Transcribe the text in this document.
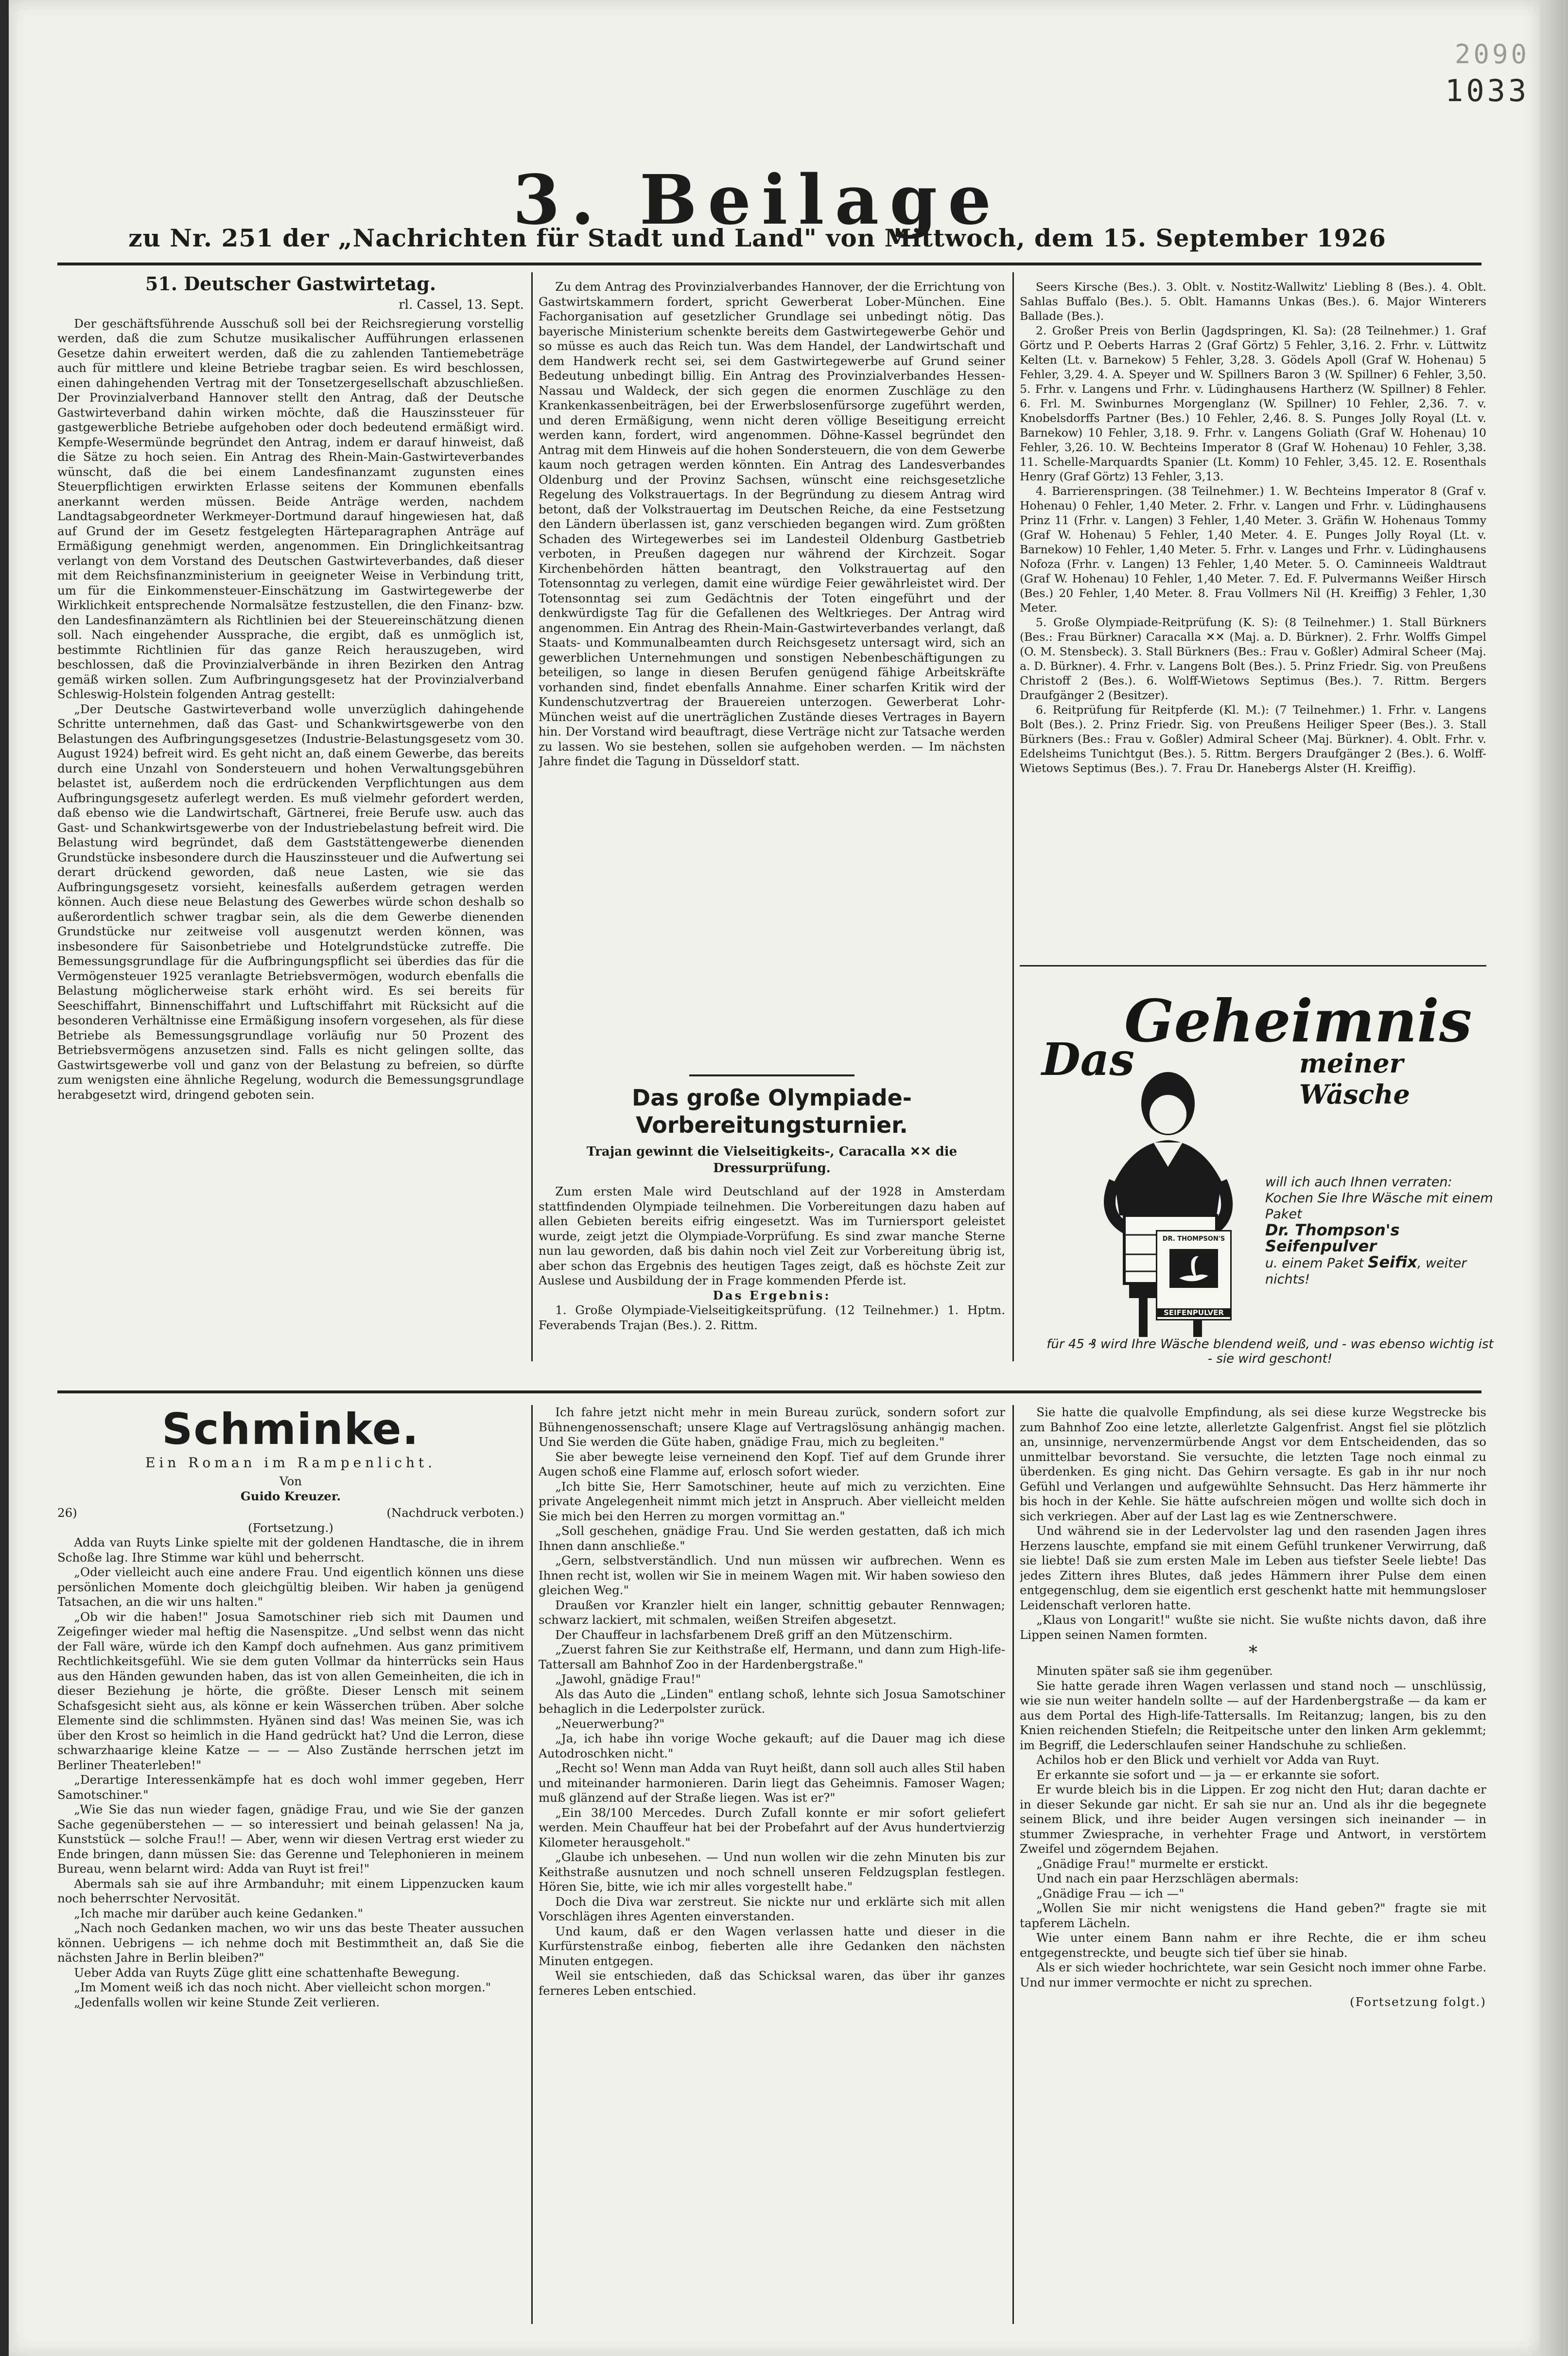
2090
1033
3. Beilage
zu Nr. 251 der „Nachrichten für Stadt und Land" von Mittwoch, dem 15. September 1926
51. Deutscher Gastwirtetag.
rl. Cassel, 13. Sept.

Der geschäftsführende Ausschuß soll bei der Reichsregierung vorstellig werden, daß die zum Schutze musikalischer Aufführungen erlassenen Gesetze dahin erweitert werden, daß die zu zahlenden Tantiemebeträge auch für mittlere und kleine Betriebe tragbar seien. Es wird beschlossen, einen dahingehenden Vertrag mit der Tonsetzergesellschaft abzuschließen. Der Provinzialverband Hannover stellt den Antrag, daß der Deutsche Gastwirteverband dahin wirken möchte, daß die Hauszinssteuer für gastgewerbliche Betriebe aufgehoben oder doch bedeutend ermäßigt wird. Kempfe-Wesermünde begründet den Antrag, indem er darauf hinweist, daß die Sätze zu hoch seien. Ein Antrag des Rhein-Main-Gastwirteverbandes wünscht, daß die bei einem Landesfinanzamt zugunsten eines Steuerpflichtigen erwirkten Erlasse seitens der Kommunen ebenfalls anerkannt werden müssen. Beide Anträge werden, nachdem Landtagsabgeordneter Werkmeyer-Dortmund darauf hingewiesen hat, daß auf Grund der im Gesetz festgelegten Härteparagraphen Anträge auf Ermäßigung genehmigt werden, angenommen. Ein Dringlichkeitsantrag verlangt von dem Vorstand des Deutschen Gastwirteverbandes, daß dieser mit dem Reichsfinanzministerium in geeigneter Weise in Verbindung tritt, um für die Einkommensteuer-Einschätzung im Gastwirtegewerbe der Wirklichkeit entsprechende Normalsätze festzustellen, die den Finanz- bzw. den Landesfinanzämtern als Richtlinien bei der Steuereinschätzung dienen soll. Nach eingehender Aussprache, die ergibt, daß es unmöglich ist, bestimmte Richtlinien für das ganze Reich herauszugeben, wird beschlossen, daß die Provinzialverbände in ihren Bezirken den Antrag gemäß wirken sollen. Zum Aufbringungsgesetz hat der Provinzialverband Schleswig-Holstein folgenden Antrag gestellt:

„Der Deutsche Gastwirteverband wolle unverzüglich dahingehende Schritte unternehmen, daß das Gast- und Schankwirtsgewerbe von den Belastungen des Aufbringungsgesetzes (Industrie-Belastungsgesetz vom 30. August 1924) befreit wird. Es geht nicht an, daß einem Gewerbe, das bereits durch eine Unzahl von Sondersteuern und hohen Verwaltungsgebühren belastet ist, außerdem noch die erdrückenden Verpflichtungen aus dem Aufbringungsgesetz auferlegt werden. Es muß vielmehr gefordert werden, daß ebenso wie die Landwirtschaft, Gärtnerei, freie Berufe usw. auch das Gast- und Schankwirtsgewerbe von der Industriebelastung befreit wird. Die Belastung wird begründet, daß dem Gaststättengewerbe dienenden Grundstücke insbesondere durch die Hauszinssteuer und die Aufwertung sei derart drückend geworden, daß neue Lasten, wie sie das Aufbringungsgesetz vorsieht, keinesfalls außerdem getragen werden können. Auch diese neue Belastung des Gewerbes würde schon deshalb so außerordentlich schwer tragbar sein, als die dem Gewerbe dienenden Grundstücke nur zeitweise voll ausgenutzt werden können, was insbesondere für Saisonbetriebe und Hotelgrundstücke zutreffe. Die Bemessungsgrundlage für die Aufbringungspflicht sei überdies das für die Vermögensteuer 1925 veranlagte Betriebsvermögen, wodurch ebenfalls die Belastung möglicherweise stark erhöht wird. Es sei bereits für Seeschiffahrt, Binnenschiffahrt und Luftschiffahrt mit Rücksicht auf die besonderen Verhältnisse eine Ermäßigung insofern vorgesehen, als für diese Betriebe als Bemessungsgrundlage vorläufig nur 50 Prozent des Betriebsvermögens anzusetzen sind. Falls es nicht gelingen sollte, das Gastwirtsgewerbe voll und ganz von der Belastung zu befreien, so dürfte zum wenigsten eine ähnliche Regelung, wodurch die Bemessungsgrundlage herabgesetzt wird, dringend geboten sein.

Zu dem Antrag des Provinzialverbandes Hannover, der die Errichtung von Gastwirtskammern fordert, spricht Gewerberat Lober-München. Eine Fachorganisation auf gesetzlicher Grundlage sei unbedingt nötig. Das bayerische Ministerium schenkte bereits dem Gastwirtegewerbe Gehör und so müsse es auch das Reich tun. Was dem Handel, der Landwirtschaft und dem Handwerk recht sei, sei dem Gastwirtegewerbe auf Grund seiner Bedeutung unbedingt billig. Ein Antrag des Provinzialverbandes Hessen-Nassau und Waldeck, der sich gegen die enormen Zuschläge zu den Krankenkassenbeiträgen, bei der Erwerbslosenfürsorge zugeführt werden, und deren Ermäßigung, wenn nicht deren völlige Beseitigung erreicht werden kann, fordert, wird angenommen. Döhne-Kassel begründet den Antrag mit dem Hinweis auf die hohen Sondersteuern, die von dem Gewerbe kaum noch getragen werden könnten. Ein Antrag des Landesverbandes Oldenburg und der Provinz Sachsen, wünscht eine reichsgesetzliche Regelung des Volkstrauertags. In der Begründung zu diesem Antrag wird betont, daß der Volkstrauertag im Deutschen Reiche, da eine Festsetzung den Ländern überlassen ist, ganz verschieden begangen wird. Zum größten Schaden des Wirtegewerbes sei im Landesteil Oldenburg Gastbetrieb verboten, in Preußen dagegen nur während der Kirchzeit. Sogar Kirchenbehörden hätten beantragt, den Volkstrauertag auf den Totensonntag zu verlegen, damit eine würdige Feier gewährleistet wird. Der Totensonntag sei zum Gedächtnis der Toten eingeführt und der denkwürdigste Tag für die Gefallenen des Weltkrieges. Der Antrag wird angenommen. Ein Antrag des Rhein-Main-Gastwirteverbandes verlangt, daß Staats- und Kommunalbeamten durch Reichsgesetz untersagt wird, sich an gewerblichen Unternehmungen und sonstigen Nebenbeschäftigungen zu beteiligen, so lange in diesen Berufen genügend fähige Arbeitskräfte vorhanden sind, findet ebenfalls Annahme. Einer scharfen Kritik wird der Kundenschutzvertrag der Brauereien unterzogen. Gewerberat Lohr-München weist auf die unerträglichen Zustände dieses Vertrages in Bayern hin. Der Vorstand wird beauftragt, diese Verträge nicht zur Tatsache werden zu lassen. Wo sie bestehen, sollen sie aufgehoben werden. — Im nächsten Jahre findet die Tagung in Düsseldorf statt.

Das große Olympiade-Vorbereitungsturnier.
Trajan gewinnt die Vielseitigkeits-, Caracalla ✕✕ die Dressurprüfung.

Zum ersten Male wird Deutschland auf der 1928 in Amsterdam stattfindenden Olympiade teilnehmen. Die Vorbereitungen dazu haben auf allen Gebieten bereits eifrig eingesetzt. Was im Turniersport geleistet wurde, zeigt jetzt die Olympiade-Vorprüfung. Es sind zwar manche Sterne nun lau geworden, daß bis dahin noch viel Zeit zur Vorbereitung übrig ist, aber schon das Ergebnis des heutigen Tages zeigt, daß es höchste Zeit zur Auslese und Ausbildung der in Frage kommenden Pferde ist.

Das Ergebnis:

1. Große Olympiade-Vielseitigkeitsprüfung. (12 Teilnehmer.) 1. Hptm. Feverabends Trajan (Bes.). 2. Rittm.

Seers Kirsche (Bes.). 3. Oblt. v. Nostitz-Wallwitz' Liebling 8 (Bes.). 4. Oblt. Sahlas Buffalo (Bes.). 5. Oblt. Hamanns Unkas (Bes.). 6. Major Winterers Ballade (Bes.).

2. Großer Preis von Berlin (Jagdspringen, Kl. Sa): (28 Teilnehmer.) 1. Graf Görtz und P. Oeberts Harras 2 (Graf Görtz) 5 Fehler, 3,16. 2. Frhr. v. Lüttwitz Kelten (Lt. v. Barnekow) 5 Fehler, 3,28. 3. Gödels Apoll (Graf W. Hohenau) 5 Fehler, 3,29. 4. A. Speyer und W. Spillners Baron 3 (W. Spillner) 6 Fehler, 3,50. 5. Frhr. v. Langens und Frhr. v. Lüdinghausens Hartherz (W. Spillner) 8 Fehler. 6. Frl. M. Swinburnes Morgenglanz (W. Spillner) 10 Fehler, 2,36. 7. v. Knobelsdorffs Partner (Bes.) 10 Fehler, 2,46. 8. S. Punges Jolly Royal (Lt. v. Barnekow) 10 Fehler, 3,18. 9. Frhr. v. Langens Goliath (Graf W. Hohenau) 10 Fehler, 3,26. 10. W. Bechteins Imperator 8 (Graf W. Hohenau) 10 Fehler, 3,38. 11. Schelle-Marquardts Spanier (Lt. Komm) 10 Fehler, 3,45. 12. E. Rosenthals Henry (Graf Görtz) 13 Fehler, 3,13.

4. Barrierenspringen. (38 Teilnehmer.) 1. W. Bechteins Imperator 8 (Graf v. Hohenau) 0 Fehler, 1,40 Meter. 2. Frhr. v. Langen und Frhr. v. Lüdinghausens Prinz 11 (Frhr. v. Langen) 3 Fehler, 1,40 Meter. 3. Gräfin W. Hohenaus Tommy (Graf W. Hohenau) 5 Fehler, 1,40 Meter. 4. E. Punges Jolly Royal (Lt. v. Barnekow) 10 Fehler, 1,40 Meter. 5. Frhr. v. Langes und Frhr. v. Lüdinghausens Nofoza (Frhr. v. Langen) 13 Fehler, 1,40 Meter. 5. O. Caminneeis Waldtraut (Graf W. Hohenau) 10 Fehler, 1,40 Meter. 7. Ed. F. Pulvermanns Weißer Hirsch (Bes.) 20 Fehler, 1,40 Meter. 8. Frau Vollmers Nil (H. Kreiffig) 3 Fehler, 1,30 Meter.

5. Große Olympiade-Reitprüfung (K. S): (8 Teilnehmer.) 1. Stall Bürkners (Bes.: Frau Bürkner) Caracalla ✕✕ (Maj. a. D. Bürkner). 2. Frhr. Wolffs Gimpel (O. M. Stensbeck). 3. Stall Bürkners (Bes.: Frau v. Goßler) Admiral Scheer (Maj. a. D. Bürkner). 4. Frhr. v. Langens Bolt (Bes.). 5. Prinz Friedr. Sig. von Preußens Christoff 2 (Bes.). 6. Wolff-Wietows Septimus (Bes.). 7. Rittm. Bergers Draufgänger 2 (Besitzer).

6. Reitprüfung für Reitpferde (Kl. M.): (7 Teilnehmer.) 1. Frhr. v. Langens Bolt (Bes.). 2. Prinz Friedr. Sig. von Preußens Heiliger Speer (Bes.). 3. Stall Bürkners (Bes.: Frau v. Goßler) Admiral Scheer (Maj. Bürkner). 4. Oblt. Frhr. v. Edelsheims Tunichtgut (Bes.). 5. Rittm. Bergers Draufgänger 2 (Bes.). 6. Wolff-Wietows Septimus (Bes.). 7. Frau Dr. Hanebergs Alster (H. Kreiffig).

Geheimnis
Das	meiner Wäsche
DR. THOMPSON'S
SEIFENPULVER
will ich auch Ihnen verraten: Kochen Sie Ihre Wäsche mit einem Paket
Dr. Thompson's Seifenpulver
u. einem Paket Seifix, weiter nichts!
für 45 ₰ wird Ihre Wäsche blendend weiß, und - was ebenso wichtig ist - sie wird geschont!
Schminke.
Ein Roman im Rampenlicht.
Von
Guido Kreuzer.
26)	(Nachdruck verboten.)
(Fortsetzung.)

Adda van Ruyts Linke spielte mit der goldenen Handtasche, die in ihrem Schoße lag. Ihre Stimme war kühl und beherrscht.

„Oder vielleicht auch eine andere Frau. Und eigentlich können uns diese persönlichen Momente doch gleichgültig bleiben. Wir haben ja genügend Tatsachen, an die wir uns halten."

„Ob wir die haben!" Josua Samotschiner rieb sich mit Daumen und Zeigefinger wieder mal heftig die Nasenspitze. „Und selbst wenn das nicht der Fall wäre, würde ich den Kampf doch aufnehmen. Aus ganz primitivem Rechtlichkeitsgefühl. Wie sie dem guten Vollmar da hinterrücks sein Haus aus den Händen gewunden haben, das ist von allen Gemeinheiten, die ich in dieser Beziehung je hörte, die größte. Dieser Lensch mit seinem Schafsgesicht sieht aus, als könne er kein Wässerchen trüben. Aber solche Elemente sind die schlimmsten. Hyänen sind das! Was meinen Sie, was ich über den Krost so heimlich in die Hand gedrückt hat? Und die Lerron, diese schwarzhaarige kleine Katze — — — Also Zustände herrschen jetzt im Berliner Theaterleben!"

„Derartige Interessenkämpfe hat es doch wohl immer gegeben, Herr Samotschiner."

„Wie Sie das nun wieder fagen, gnädige Frau, und wie Sie der ganzen Sache gegenüberstehen — — so interessiert und beinah gelassen! Na ja, Kunststück — solche Frau!! — Aber, wenn wir diesen Vertrag erst wieder zu Ende bringen, dann müssen Sie: das Gerenne und Telephonieren in meinem Bureau, wenn belarnt wird: Adda van Ruyt ist frei!"

Abermals sah sie auf ihre Armbanduhr; mit einem Lippenzucken kaum noch beherrschter Nervosität.

„Ich mache mir darüber auch keine Gedanken."

„Nach noch Gedanken machen, wo wir uns das beste Theater aussuchen können. Uebrigens — ich nehme doch mit Bestimmtheit an, daß Sie die nächsten Jahre in Berlin bleiben?"

Ueber Adda van Ruyts Züge glitt eine schattenhafte Bewegung.

„Im Moment weiß ich das noch nicht. Aber vielleicht schon morgen."

„Jedenfalls wollen wir keine Stunde Zeit verlieren.

Ich fahre jetzt nicht mehr in mein Bureau zurück, sondern sofort zur Bühnengenossenschaft; unsere Klage auf Vertragslösung anhängig machen. Und Sie werden die Güte haben, gnädige Frau, mich zu begleiten."

Sie aber bewegte leise verneinend den Kopf. Tief auf dem Grunde ihrer Augen schoß eine Flamme auf, erlosch sofort wieder.

„Ich bitte Sie, Herr Samotschiner, heute auf mich zu verzichten. Eine private Angelegenheit nimmt mich jetzt in Anspruch. Aber vielleicht melden Sie mich bei den Herren zu morgen vormittag an."

„Soll geschehen, gnädige Frau. Und Sie werden gestatten, daß ich mich Ihnen dann anschließe."

„Gern, selbstverständlich. Und nun müssen wir aufbrechen. Wenn es Ihnen recht ist, wollen wir Sie in meinem Wagen mit. Wir haben sowieso den gleichen Weg."

Draußen vor Kranzler hielt ein langer, schnittig gebauter Rennwagen; schwarz lackiert, mit schmalen, weißen Streifen abgesetzt.

Der Chauffeur in lachsfarbenem Dreß griff an den Mützenschirm.

„Zuerst fahren Sie zur Keithstraße elf, Hermann, und dann zum High-life-Tattersall am Bahnhof Zoo in der Hardenbergstraße."

„Jawohl, gnädige Frau!"

Als das Auto die „Linden" entlang schoß, lehnte sich Josua Samotschiner behaglich in die Lederpolster zurück.

„Neuerwerbung?"

„Ja, ich habe ihn vorige Woche gekauft; auf die Dauer mag ich diese Autodroschken nicht."

„Recht so! Wenn man Adda van Ruyt heißt, dann soll auch alles Stil haben und miteinander harmonieren. Darin liegt das Geheimnis. Famoser Wagen; muß glänzend auf der Straße liegen. Was ist er?"

„Ein 38/100 Mercedes. Durch Zufall konnte er mir sofort geliefert werden. Mein Chauffeur hat bei der Probefahrt auf der Avus hundertvierzig Kilometer herausgeholt."

„Glaube ich unbesehen. — Und nun wollen wir die zehn Minuten bis zur Keithstraße ausnutzen und noch schnell unseren Feldzugsplan festlegen. Hören Sie, bitte, wie ich mir alles vorgestellt habe."

Doch die Diva war zerstreut. Sie nickte nur und erklärte sich mit allen Vorschlägen ihres Agenten einverstanden.

Und kaum, daß er den Wagen verlassen hatte und dieser in die Kurfürstenstraße einbog, fieberten alle ihre Gedanken den nächsten Minuten entgegen.

Weil sie entschieden, daß das Schicksal waren, das über ihr ganzes ferneres Leben entschied.

Sie hatte die qualvolle Empfindung, als sei diese kurze Wegstrecke bis zum Bahnhof Zoo eine letzte, allerletzte Galgenfrist. Angst fiel sie plötzlich an, unsinnige, nervenzermürbende Angst vor dem Entscheidenden, das so unmittelbar bevorstand. Sie versuchte, die letzten Tage noch einmal zu überdenken. Es ging nicht. Das Gehirn versagte. Es gab in ihr nur noch Gefühl und Verlangen und aufgewühlte Sehnsucht. Das Herz hämmerte ihr bis hoch in der Kehle. Sie hätte aufschreien mögen und wollte sich doch in sich verkriegen. Aber auf der Last lag es wie Zentnerschwere.

Und während sie in der Ledervolster lag und den rasenden Jagen ihres Herzens lauschte, empfand sie mit einem Gefühl trunkener Verwirrung, daß sie liebte! Daß sie zum ersten Male im Leben aus tiefster Seele liebte! Das jedes Zittern ihres Blutes, daß jedes Hämmern ihrer Pulse dem einen entgegenschlug, dem sie eigentlich erst geschenkt hatte mit hemmungsloser Leidenschaft verloren hatte.

„Klaus von Longarit!" wußte sie nicht. Sie wußte nichts davon, daß ihre Lippen seinen Namen formten.

*

Minuten später saß sie ihm gegenüber.

Sie hatte gerade ihren Wagen verlassen und stand noch — unschlüssig, wie sie nun weiter handeln sollte — auf der Hardenbergstraße — da kam er aus dem Portal des High-life-Tattersalls. Im Reitanzug; langen, bis zu den Knien reichenden Stiefeln; die Reitpeitsche unter den linken Arm geklemmt; im Begriff, die Lederschlaufen seiner Handschuhe zu schließen.

Achilos hob er den Blick und verhielt vor Adda van Ruyt.

Er erkannte sie sofort und — ja — er erkannte sie sofort.

Er wurde bleich bis in die Lippen. Er zog nicht den Hut; daran dachte er in dieser Sekunde gar nicht. Er sah sie nur an. Und als ihr die begegnete seinem Blick, und ihre beider Augen versingen sich ineinander — in stummer Zwiesprache, in verhehter Frage und Antwort, in verstörtem Zweifel und zögerndem Bejahen.

„Gnädige Frau!" murmelte er erstickt.

Und nach ein paar Herzschlägen abermals:

„Gnädige Frau — ich —"

„Wollen Sie mir nicht wenigstens die Hand geben?" fragte sie mit tapferem Lächeln.

Wie unter einem Bann nahm er ihre Rechte, die er ihm scheu entgegenstreckte, und beugte sich tief über sie hinab.

Als er sich wieder hochrichtete, war sein Gesicht noch immer ohne Farbe. Und nur immer vermochte er nicht zu sprechen.

(Fortsetzung folgt.)
